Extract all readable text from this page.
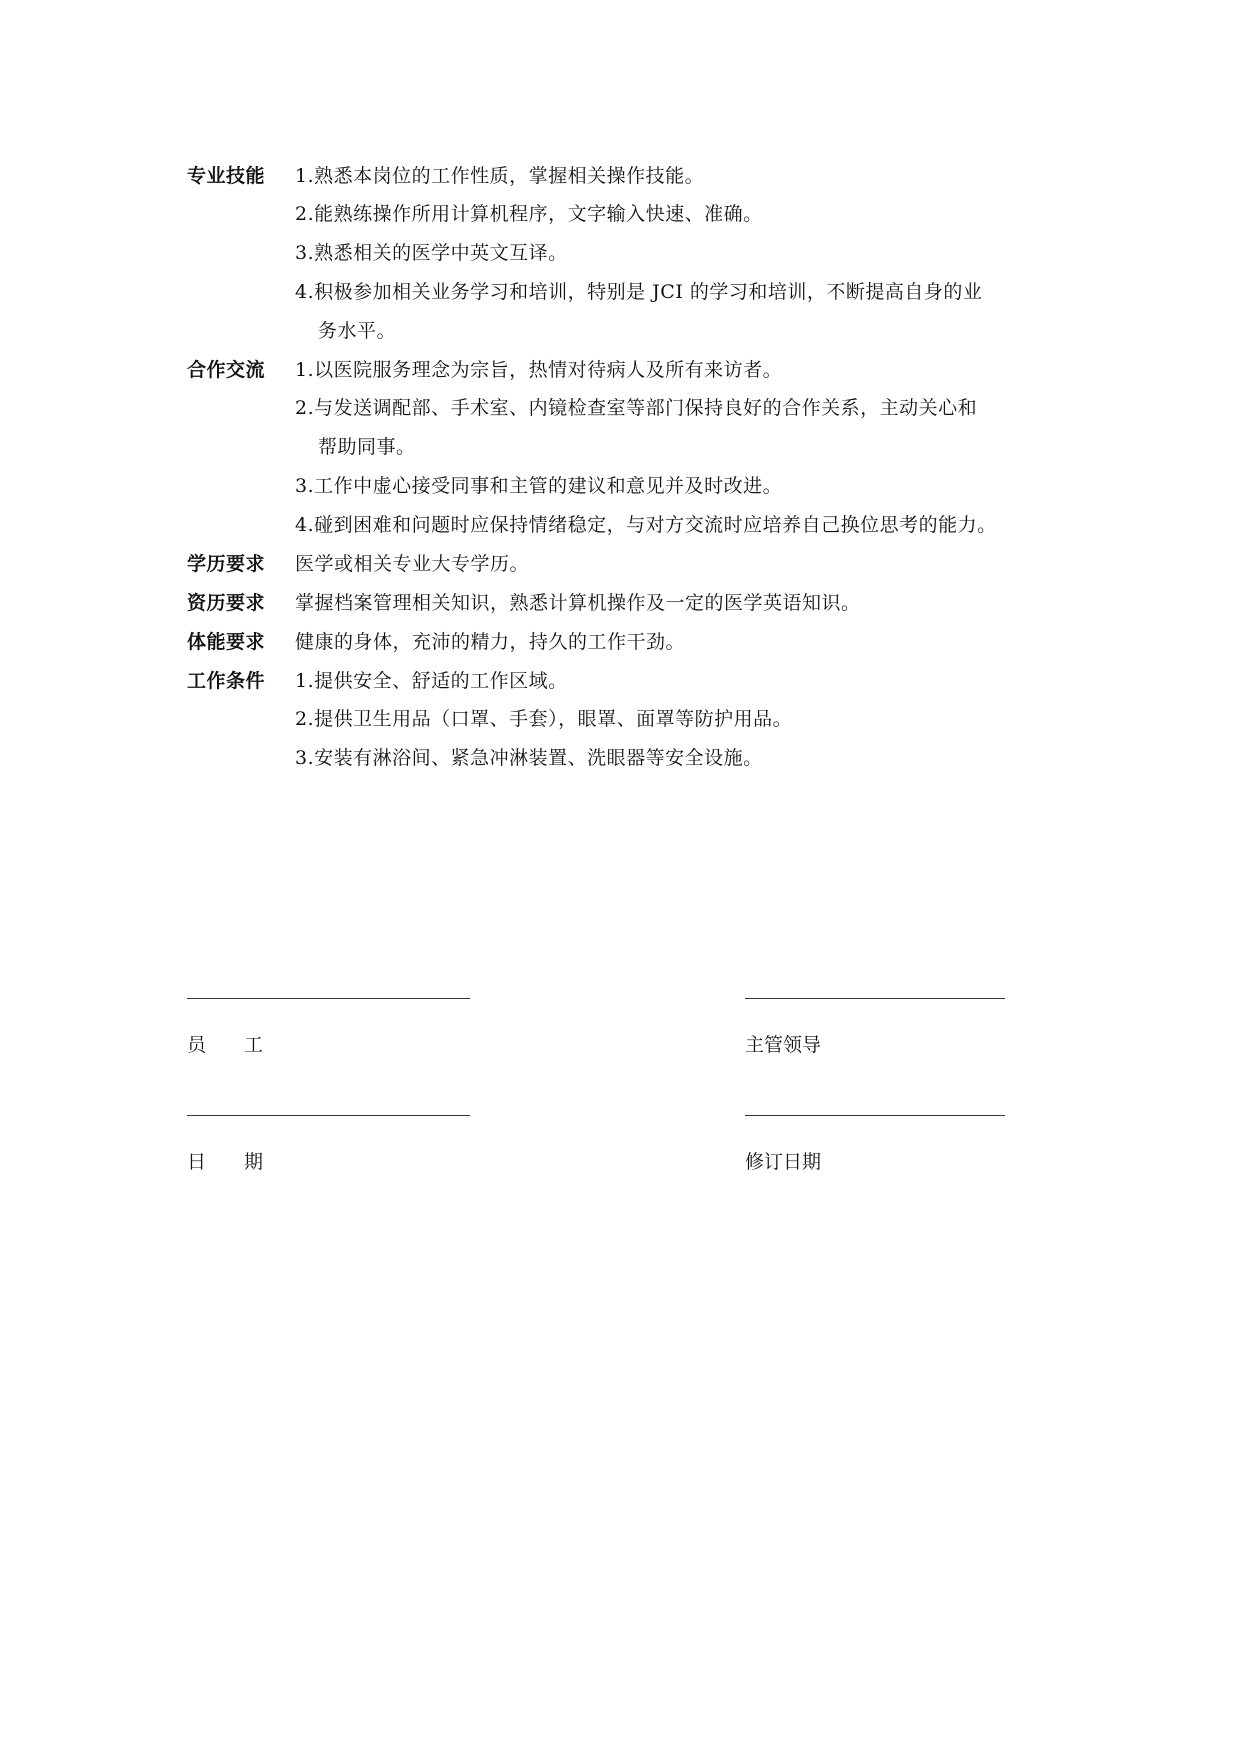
专业技能	1.熟悉本岗位的工作性质，掌握相关操作技能。
2.能熟练操作所用计算机程序，文字输入快速、准确。
3.熟悉相关的医学中英文互译。
4.积极参加相关业务学习和培训，特别是 JCI 的学习和培训，不断提高自身的业
务水平。
合作交流	1.以医院服务理念为宗旨，热情对待病人及所有来访者。
2.与发送调配部、手术室、内镜检查室等部门保持良好的合作关系，主动关心和
帮助同事。
3.工作中虚心接受同事和主管的建议和意见并及时改进。
4.碰到困难和问题时应保持情绪稳定，与对方交流时应培养自己换位思考的能力。
学历要求	医学或相关专业大专学历。
资历要求	掌握档案管理相关知识，熟悉计算机操作及一定的医学英语知识。
体能要求	健康的身体，充沛的精力，持久的工作干劲。
工作条件	1.提供安全、舒适的工作区域。
2.提供卫生用品（口罩、手套），眼罩、面罩等防护用品。
3.安装有淋浴间、紧急冲淋装置、洗眼器等安全设施。
员　　工	主管领导
日　　期	修订日期
